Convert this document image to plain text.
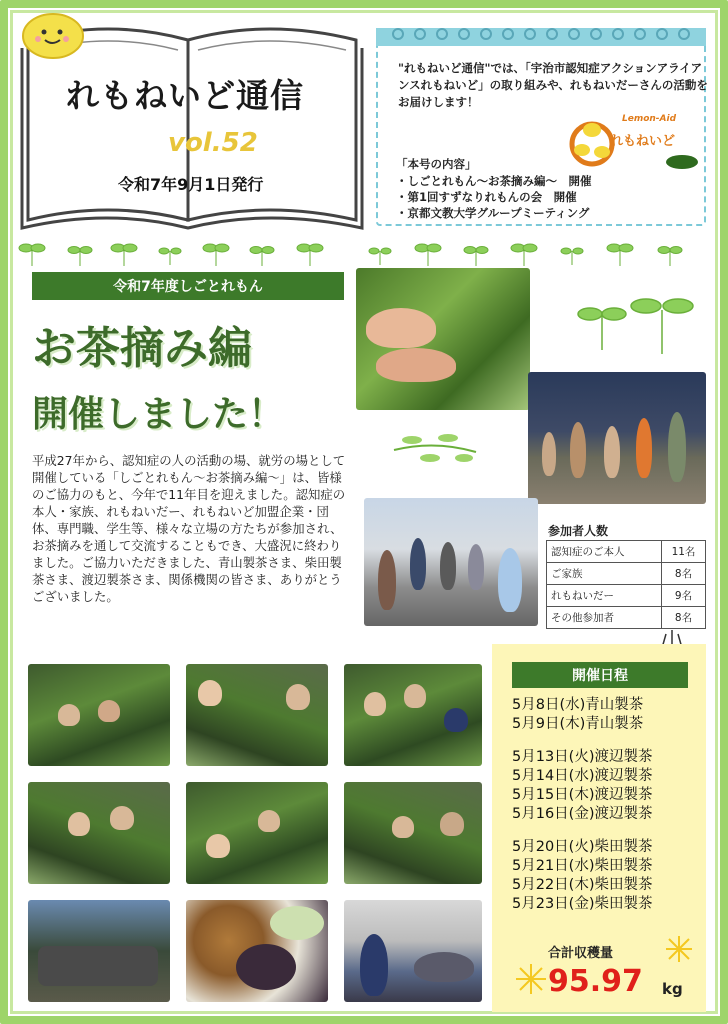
れもねいど通信
vol.52
令和7年9月1日発行
"れもねいど通信"では、「宇治市認知症アクションアライアンスれもねいど」の取り組みや、れもねいだーさんの活動をお届けします！
Lemon-Aid
れもねいど
「本号の内容」
・しごとれもん～お茶摘み編～　開催
・第1回すずなりれもんの会　開催
・京都文教大学グループミーティング
令和7年度しごとれもん
お茶摘み編
開催しました！
平成27年から、認知症の人の活動の場、就労の場として開催している「しごとれもん～お茶摘み編～」は、皆様のご協力のもと、今年で11年目を迎えました。認知症の本人・家族、れもねいだー、れもねいど加盟企業・団体、専門職、学生等、様々な立場の方たちが参加され、お茶摘みを通して交流することもでき、大盛況に終わりました。ご協力いただきました、青山製茶さま、柴田製茶さま、渡辺製茶さま、関係機関の皆さま、ありがとうございました。
参加者人数
認知症のご本人	11名
ご家族	8名
れもねいだー	9名
その他参加者	8名
開催日程
5月8日(水)青山製茶
5月9日(木)青山製茶
5月13日(火)渡辺製茶
5月14日(水)渡辺製茶
5月15日(木)渡辺製茶
5月16日(金)渡辺製茶
5月20日(火)柴田製茶
5月21日(水)柴田製茶
5月22日(木)柴田製茶
5月23日(金)柴田製茶
合計収穫量
95.97 kg
